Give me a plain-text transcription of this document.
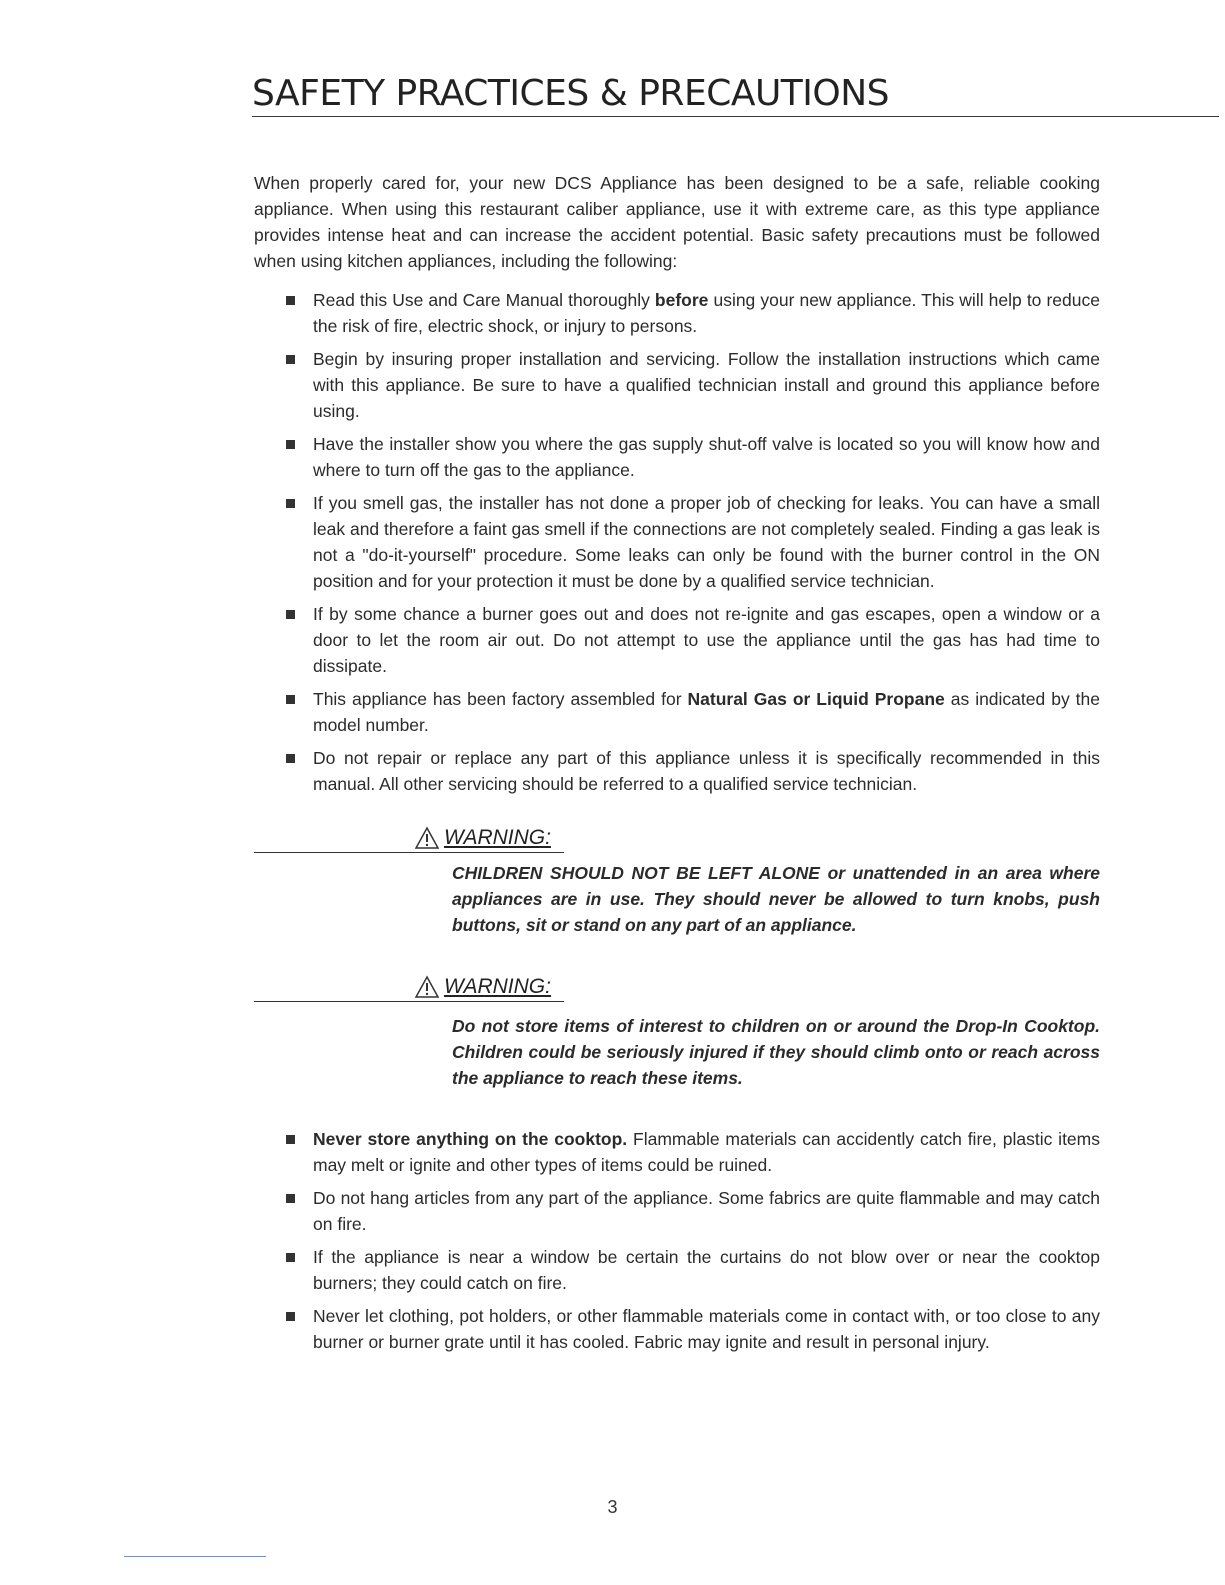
SAFETY PRACTICES & PRECAUTIONS

When properly cared for, your new DCS Appliance has been designed to be a safe, reliable cooking appliance. When using this restaurant caliber appliance, use it with extreme care, as this type appliance provides intense heat and can increase the accident potential. Basic safety precautions must be followed when using kitchen appliances, including the following:

Read this Use and Care Manual thoroughly before using your new appliance. This will help to reduce the risk of fire, electric shock, or injury to persons.
Begin by insuring proper installation and servicing. Follow the installation instructions which came with this appliance. Be sure to have a qualified technician install and ground this appliance before using.
Have the installer show you where the gas supply shut-off valve is located so you will know how and where to turn off the gas to the appliance.
If you smell gas, the installer has not done a proper job of checking for leaks. You can have a small leak and therefore a faint gas smell if the connections are not completely sealed. Finding a gas leak is not a "do-it-yourself" procedure. Some leaks can only be found with the burner control in the ON position and for your protection it must be done by a qualified service technician.
If by some chance a burner goes out and does not re-ignite and gas escapes, open a window or a door to let the room air out. Do not attempt to use the appliance until the gas has had time to dissipate.
This appliance has been factory assembled for Natural Gas or Liquid Propane as indicated by the model number.
Do not repair or replace any part of this appliance unless it is specifically recommended in this manual. All other servicing should be referred to a qualified service technician.
WARNING:

CHILDREN SHOULD NOT BE LEFT ALONE or unattended in an area where appliances are in use. They should never be allowed to turn knobs, push buttons, sit or stand on any part of an appliance.

WARNING:

Do not store items of interest to children on or around the Drop-In Cooktop. Children could be seriously injured if they should climb onto or reach across the appliance to reach these items.

Never store anything on the cooktop. Flammable materials can accidently catch fire, plastic items may melt or ignite and other types of items could be ruined.
Do not hang articles from any part of the appliance. Some fabrics are quite flammable and may catch on fire.
If the appliance is near a window be certain the curtains do not blow over or near the cooktop burners; they could catch on fire.
Never let clothing, pot holders, or other flammable materials come in contact with, or too close to any burner or burner grate until it has cooled. Fabric may ignite and result in personal injury.
3
